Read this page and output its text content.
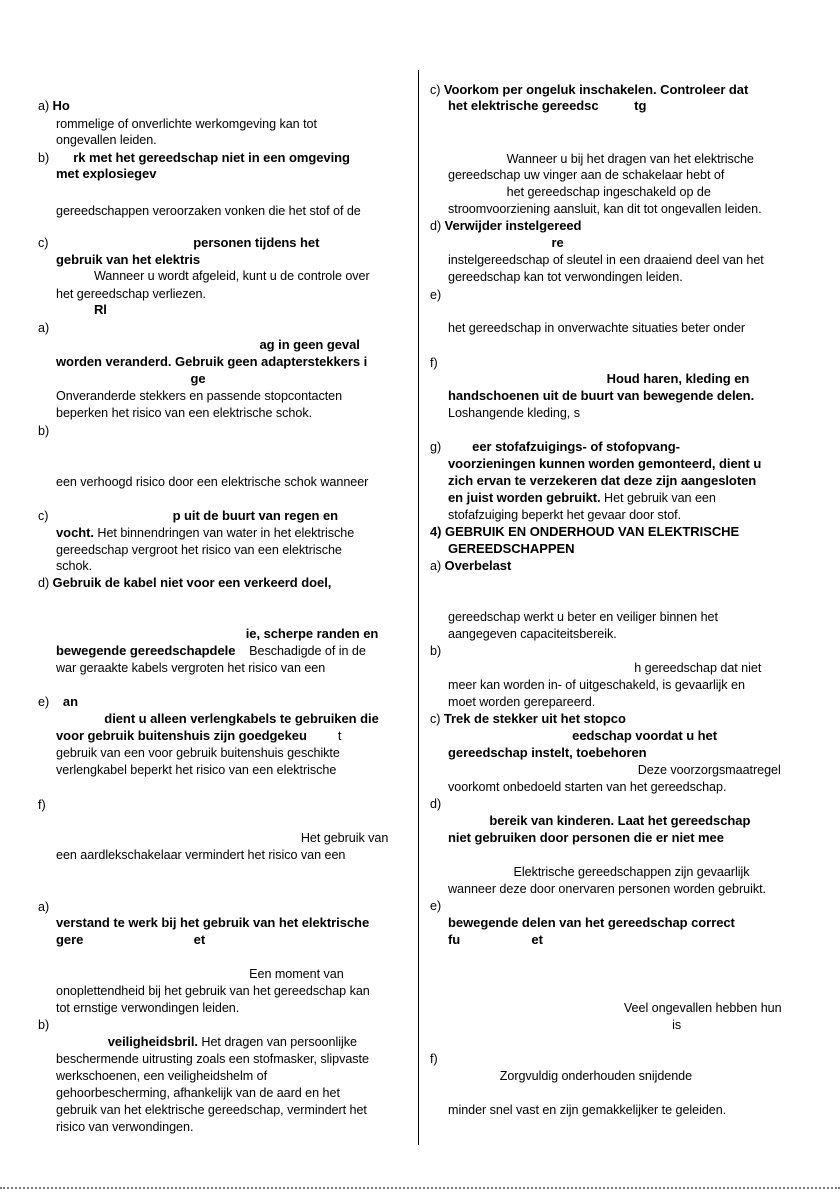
a) Ho
rommelige of onverlichte werkomgeving kan tot
ongevallen leiden.
b)       rk met het gereedschap niet in een omgeving
met explosiegev
gereedschappen veroorzaken vonken die het stof of de
c)                                          personen tijdens het
gebruik van het elektris
Wanneer u wordt afgeleid, kunt u de controle over
het gereedschap verliezen.
Rl
a)
ag in geen geval
worden veranderd. Gebruik geen adapterstekkers i
ge
Onveranderde stekkers en passende stopcontacten
beperken het risico van een elektrische schok.
b)
een verhoogd risico door een elektrische schok wanneer
c)                                    p uit de buurt van regen en
vocht. Het binnendringen van water in het elektrische
gereedschap vergroot het risico van een elektrische
schok.
d) Gebruik de kabel niet voor een verkeerd doel,
ie, scherpe randen en
bewegende gereedschapdele    Beschadigde of in de
war geraakte kabels vergroten het risico van een
e)    an
dient u alleen verlengkabels te gebruiken die
voor gebruik buitenshuis zijn goedgekeu         t
gebruik van een voor gebruik buitenshuis geschikte
verlengkabel beperkt het risico van een elektrische
f)
Het gebruik van
een aardlekschakelaar vermindert het risico van een
a)
verstand te werk bij het gebruik van het elektrische
gere                               et
Een moment van
onoplettendheid bij het gebruik van het gereedschap kan
tot ernstige verwondingen leiden.
b)
veiligheidsbril. Het dragen van persoonlijke
beschermende uitrusting zoals een stofmasker, slipvaste
werkschoenen, een veiligheidshelm of
gehoorbescherming, afhankelijk van de aard en het
gebruik van het elektrische gereedschap, vermindert het
risico van verwondingen.
c) Voorkom per ongeluk inschakelen. Controleer dat
het elektrische gereedsc          tg
Wanneer u bij het dragen van het elektrische
gereedschap uw vinger aan de schakelaar hebt of
het gereedschap ingeschakeld op de
stroomvoorziening aansluit, kan dit tot ongevallen leiden.
d) Verwijder instelgereed
re
instelgereedschap of sleutel in een draaiend deel van het
gereedschap kan tot verwondingen leiden.
e)
het gereedschap in onverwachte situaties beter onder
f)
Houd haren, kleding en
handschoenen uit de buurt van bewegende delen.
Loshangende kleding, s
g)         eer stofafzuigings- of stofopvang-
voorzieningen kunnen worden gemonteerd, dient u
zich ervan te verzekeren dat deze zijn aangesloten
en juist worden gebruikt. Het gebruik van een
stofafzuiging beperkt het gevaar door stof.
4) GEBRUIK EN ONDERHOUD VAN ELEKTRISCHE
GEREEDSCHAPPEN
a) Overbelast
gereedschap werkt u beter en veiliger binnen het
aangegeven capaciteitsbereik.
b)
h gereedschap dat niet
meer kan worden in- of uitgeschakeld, is gevaarlijk en
moet worden gerepareerd.
c) Trek de stekker uit het stopco
eedschap voordat u het
gereedschap instelt, toebehoren
Deze voorzorgsmaatregel
voorkomt onbedoeld starten van het gereedschap.
d)
bereik van kinderen. Laat het gereedschap
niet gebruiken door personen die er niet mee
Elektrische gereedschappen zijn gevaarlijk
wanneer deze door onervaren personen worden gebruikt.
e)
bewegende delen van het gereedschap correct
fu                    et
Veel ongevallen hebben hun
is
f)
Zorgvuldig onderhouden snijdende
minder snel vast en zijn gemakkelijker te geleiden.
